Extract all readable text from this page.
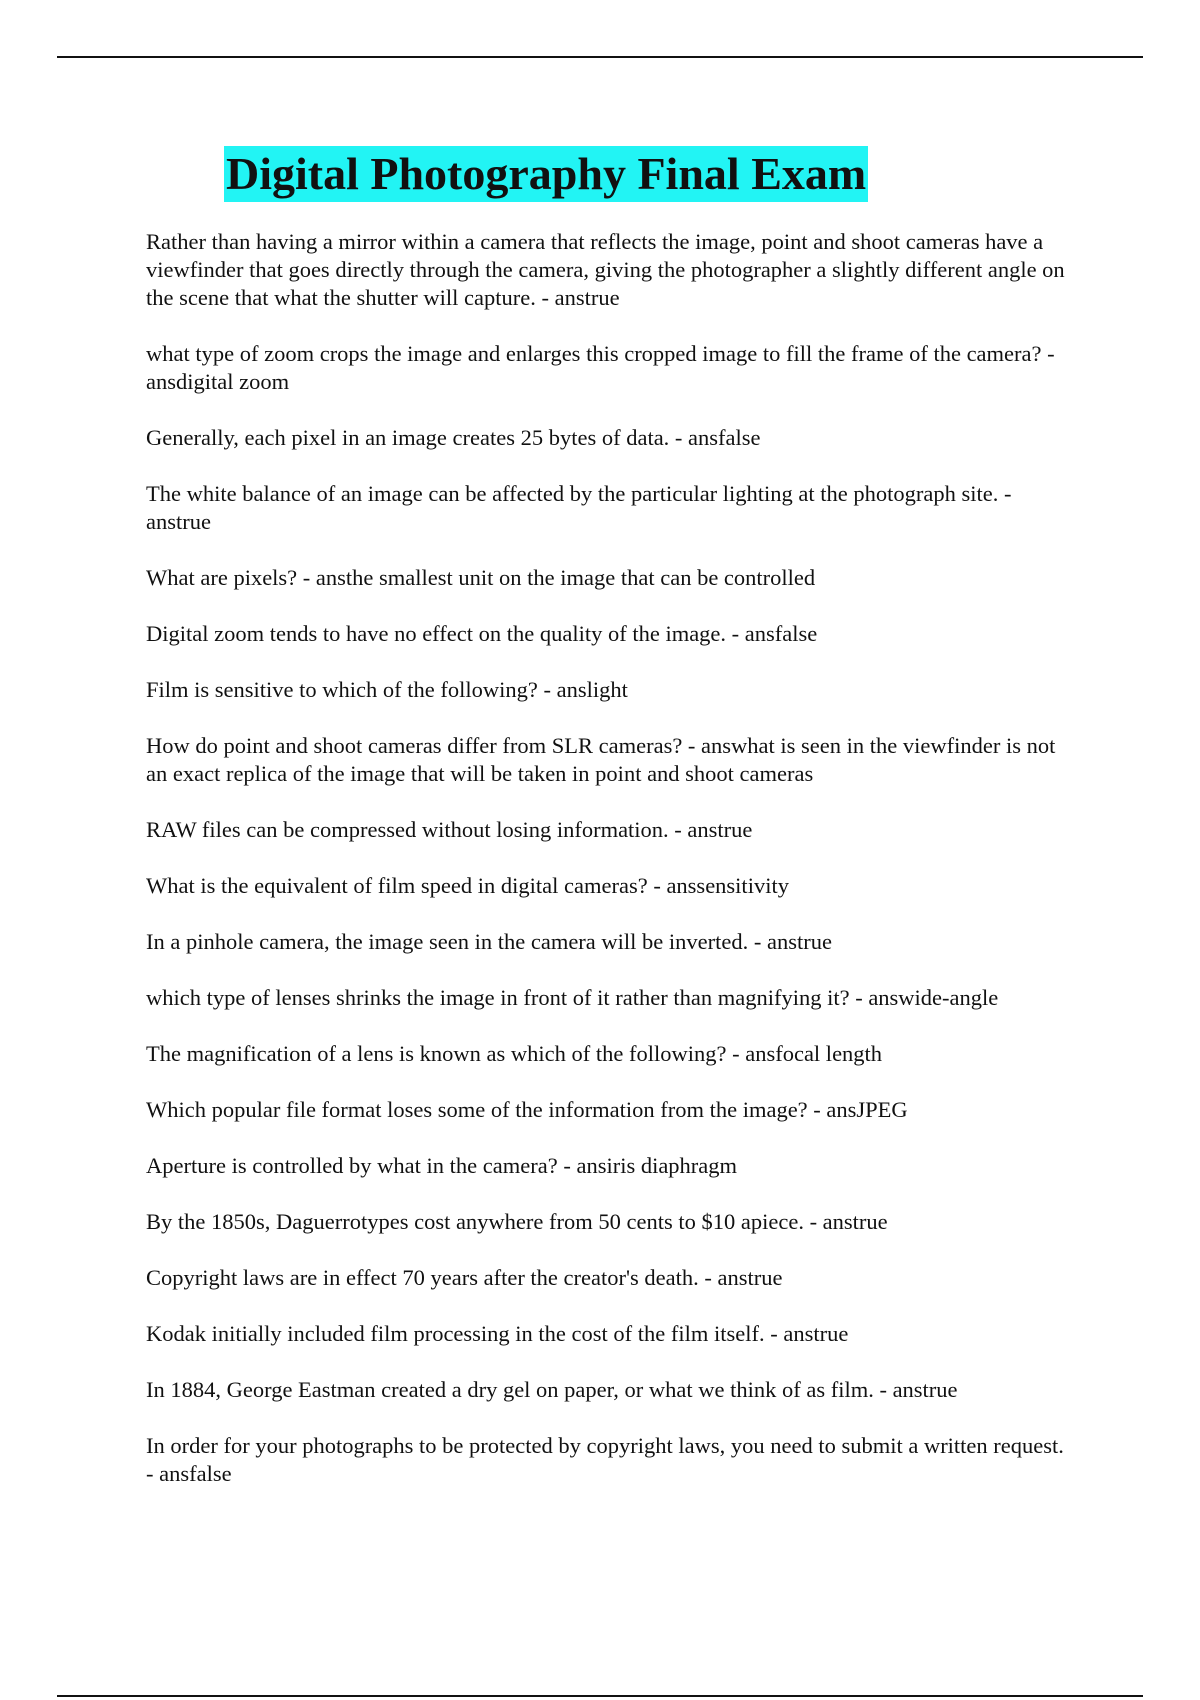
Digital Photography Final Exam
Rather than having a mirror within a camera that reflects the image, point and shoot cameras have a viewfinder that goes directly through the camera, giving the photographer a slightly different angle on the scene that what the shutter will capture. - anstrue
what type of zoom crops the image and enlarges this cropped image to fill the frame of the camera? - ansdigital zoom
Generally, each pixel in an image creates 25 bytes of data. - ansfalse
The white balance of an image can be affected by the particular lighting at the photograph site. - anstrue
What are pixels? - ansthe smallest unit on the image that can be controlled
Digital zoom tends to have no effect on the quality of the image. - ansfalse
Film is sensitive to which of the following? - anslight
How do point and shoot cameras differ from SLR cameras? - answhat is seen in the viewfinder is not an exact replica of the image that will be taken in point and shoot cameras
RAW files can be compressed without losing information. - anstrue
What is the equivalent of film speed in digital cameras? - anssensitivity
In a pinhole camera, the image seen in the camera will be inverted. - anstrue
which type of lenses shrinks the image in front of it rather than magnifying it? - answide-angle
The magnification of a lens is known as which of the following? - ansfocal length
Which popular file format loses some of the information from the image? - ansJPEG
Aperture is controlled by what in the camera? - ansiris diaphragm
By the 1850s, Daguerrotypes cost anywhere from 50 cents to $10 apiece. - anstrue
Copyright laws are in effect 70 years after the creator's death. - anstrue
Kodak initially included film processing in the cost of the film itself. - anstrue
In 1884, George Eastman created a dry gel on paper, or what we think of as film. - anstrue
In order for your photographs to be protected by copyright laws, you need to submit a written request. - ansfalse
